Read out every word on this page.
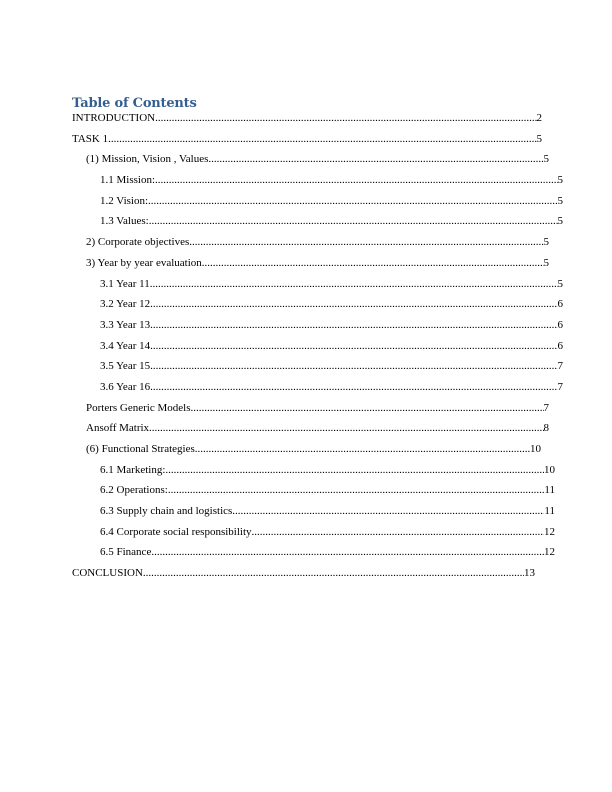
Table of Contents
INTRODUCTION .....	2
TASK 1 .....	5
(1) Mission, Vision , Values .....	5
1.1 Mission: .....	5
1.2 Vision: .....	5
1.3 Values: .....	5
2) Corporate objectives .....	5
3) Year by year evaluation .....	5
3.1 Year 11 .....	5
3.2 Year 12 .....	6
3.3 Year 13 .....	6
3.4 Year 14 .....	6
3.5 Year 15 .....	7
3.6 Year 16 .....	7
Porters Generic Models .....	7
Ansoff Matrix .....	8
(6) Functional Strategies .....	10
6.1 Marketing: .....	10
6.2 Operations: .....	11
6.3 Supply chain and logistics .....	11
6.4 Corporate social responsibility .....	12
6.5 Finance .....	12
CONCLUSION .....	13
